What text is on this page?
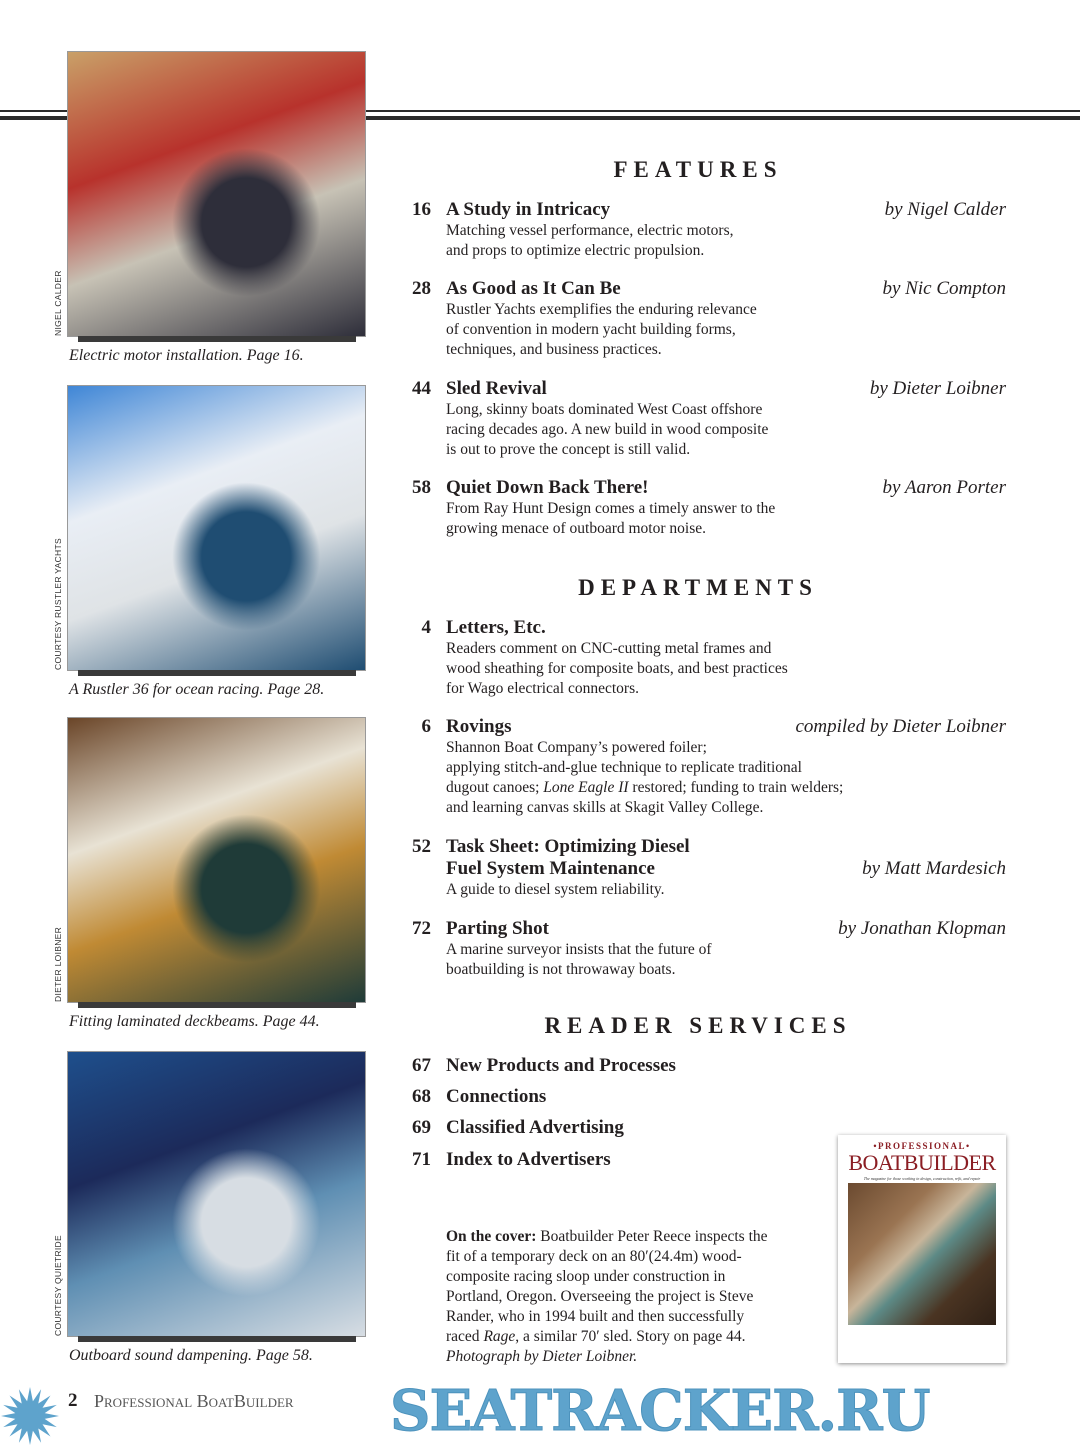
Electric motor installation. Page 16.
NIGEL CALDER
A Rustler 36 for ocean racing. Page 28.
COURTESY RUSTLER YACHTS
Fitting laminated deckbeams. Page 44.
DIETER LOIBNER
Outboard sound dampening. Page 58.
COURTESY QUIETRIDE
FEATURES
DEPARTMENTS
READER SERVICES
16 A Study in Intricacy	by Nigel Calder
Matching vessel performance, electric motors,
and props to optimize electric propulsion.
28 As Good as It Can Be	by Nic Compton
Rustler Yachts exemplifies the enduring relevance
of convention in modern yacht building forms,
techniques, and business practices.
44 Sled Revival	by Dieter Loibner
Long, skinny boats dominated West Coast offshore
racing decades ago. A new build in wood composite
is out to prove the concept is still valid.
58 Quiet Down Back There!	by Aaron Porter
From Ray Hunt Design comes a timely answer to the
growing menace of outboard motor noise.
4 Letters, Etc.
Readers comment on CNC-cutting metal frames and
wood sheathing for composite boats, and best practices
for Wago electrical connectors.
6 Rovings	compiled by Dieter Loibner
Shannon Boat Company’s powered foiler;
applying stitch-and-glue technique to replicate traditional
dugout canoes; Lone Eagle II restored; funding to train welders;
and learning canvas skills at Skagit Valley College.
52 Task Sheet: Optimizing Diesel
Fuel System Maintenance	by Matt Mardesich
A guide to diesel system reliability.
72 Parting Shot	by Jonathan Klopman
A marine surveyor insists that the future of
boatbuilding is not throwaway boats.
67 New Products and Processes
68 Connections
69 Classified Advertising
71 Index to Advertisers
On the cover: Boatbuilder Peter Reece inspects the
fit of a temporary deck on an 80′(24.4m) wood-
composite racing sloop under construction in
Portland, Oregon. Overseeing the project is Steve
Rander, who in 1994 built and then successfully
raced Rage, a similar 70′ sled. Story on page 44.
Photograph by Dieter Loibner.
•PROFESSIONAL•
BOATBUILDER
The magazine for those working in design, construction, refit, and repair
SEATRACKER.RU
2 Professional BoatBuilder
